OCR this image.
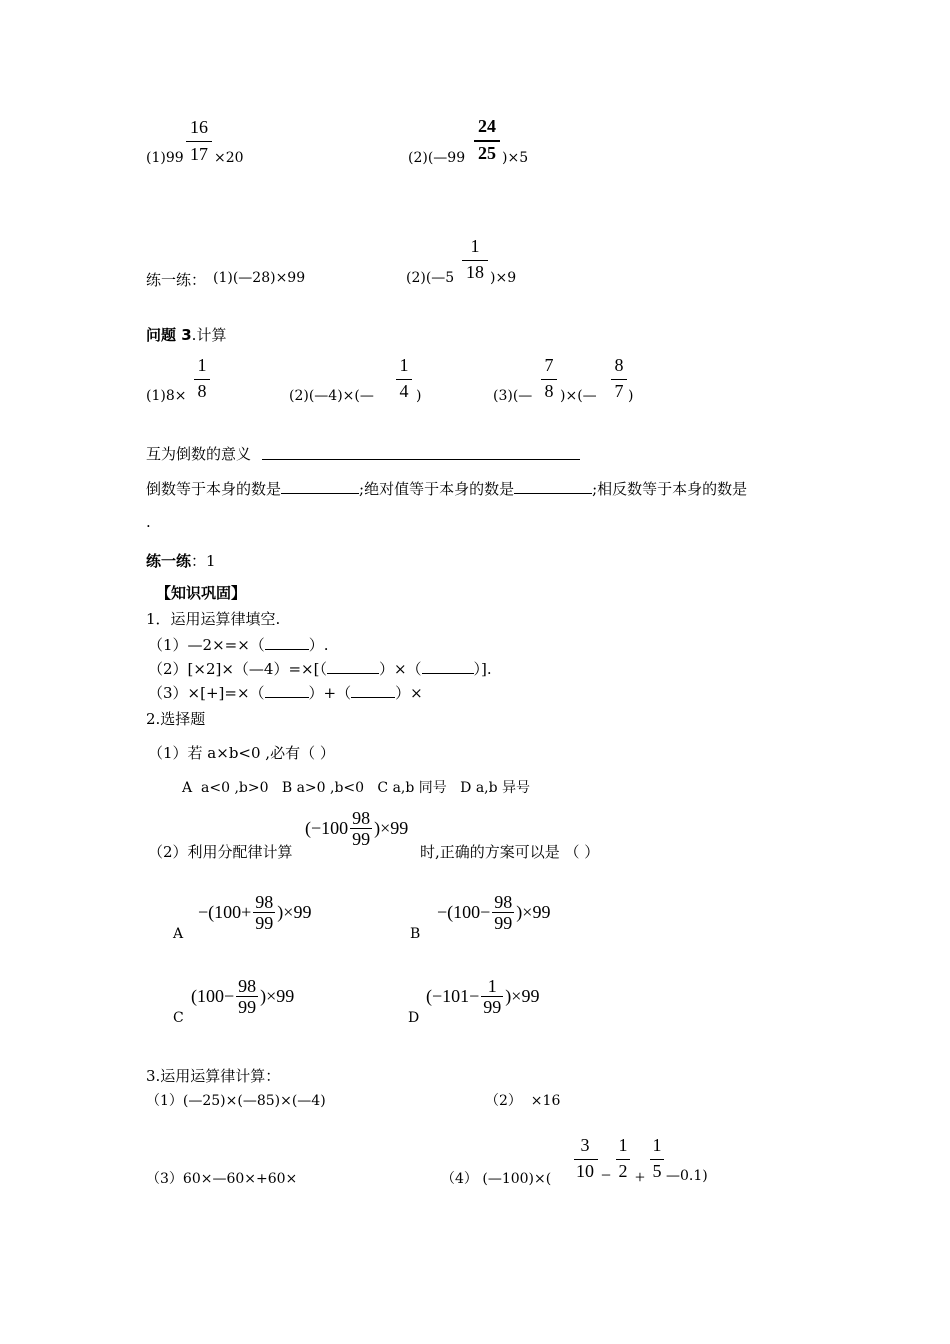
16
17
(1)99 ×20
24
25
(2)(—99	)×5
练一练： (1)(—28)×99
1
18
(2)(—5	)×9
问题 3.计算
1
8
(1)8×
1
4
(2)(—4)×(—	)	(3)(—
7
8 )×(—
8
7 )
互为倒数的意义
倒数等于本身的数是	;绝对值等于本身的数是	;相反数等于本身的数是
.
练一练：1
【知识巩固】
1．运用运算律填空.
（1）—2×=×（	）.
（2）[×2]×（—4）=×[（	）×（	）].
（3）×[+]=×（	）+（	）×
2.选择题
（1）若 a×b<0 ,必有（ ）
A  a<0 ,b>0   B a>0 ,b<0   C a,b 同号   D a,b 异号
（2）利用分配律计算
$(-100 \frac{98}{99} )\times 99$
时,正确的方案可以是 （ ）
A
$-(100+ \frac{98}{99} )\times 99$
B
$-(100- \frac{98}{99} )\times 99$
C
$(100- \frac{98}{99} )\times 99$
D
$(-101- \frac{1}{99} )\times 99$
3.运用运算律计算：
（1）(—25)×(—85)×(—4)	（2）  ×16
（3）60×—60×+60×	（4） (—100)×(
3
10 −
1
2 +
1
5 —0.1)
